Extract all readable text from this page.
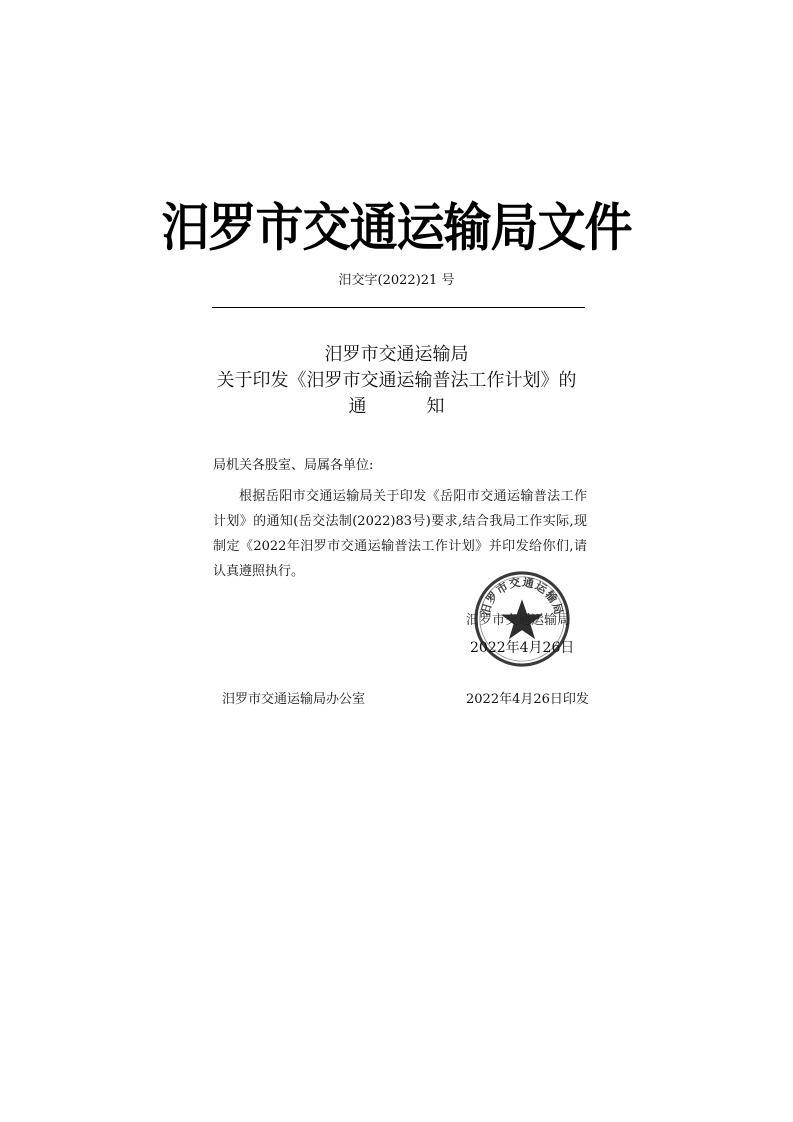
汨罗市交通运输局文件
汨交字(2022)21 号
汨罗市交通运输局
关于印发《汨罗市交通运输普法工作计划》的
通	知
局机关各股室、局属各单位:
根据岳阳市交通运输局关于印发《岳阳市交通运输普法工作计划》的通知(岳交法制(2022)83号)要求,结合我局工作实际,现制定《2022年汨罗市交通运输普法工作计划》并印发给你们,请认真遵照执行。
汨罗市交通运输局
汨罗市交通运输局
2022年4月26日
汨罗市交通运输局办公室	2022年4月26日印发
